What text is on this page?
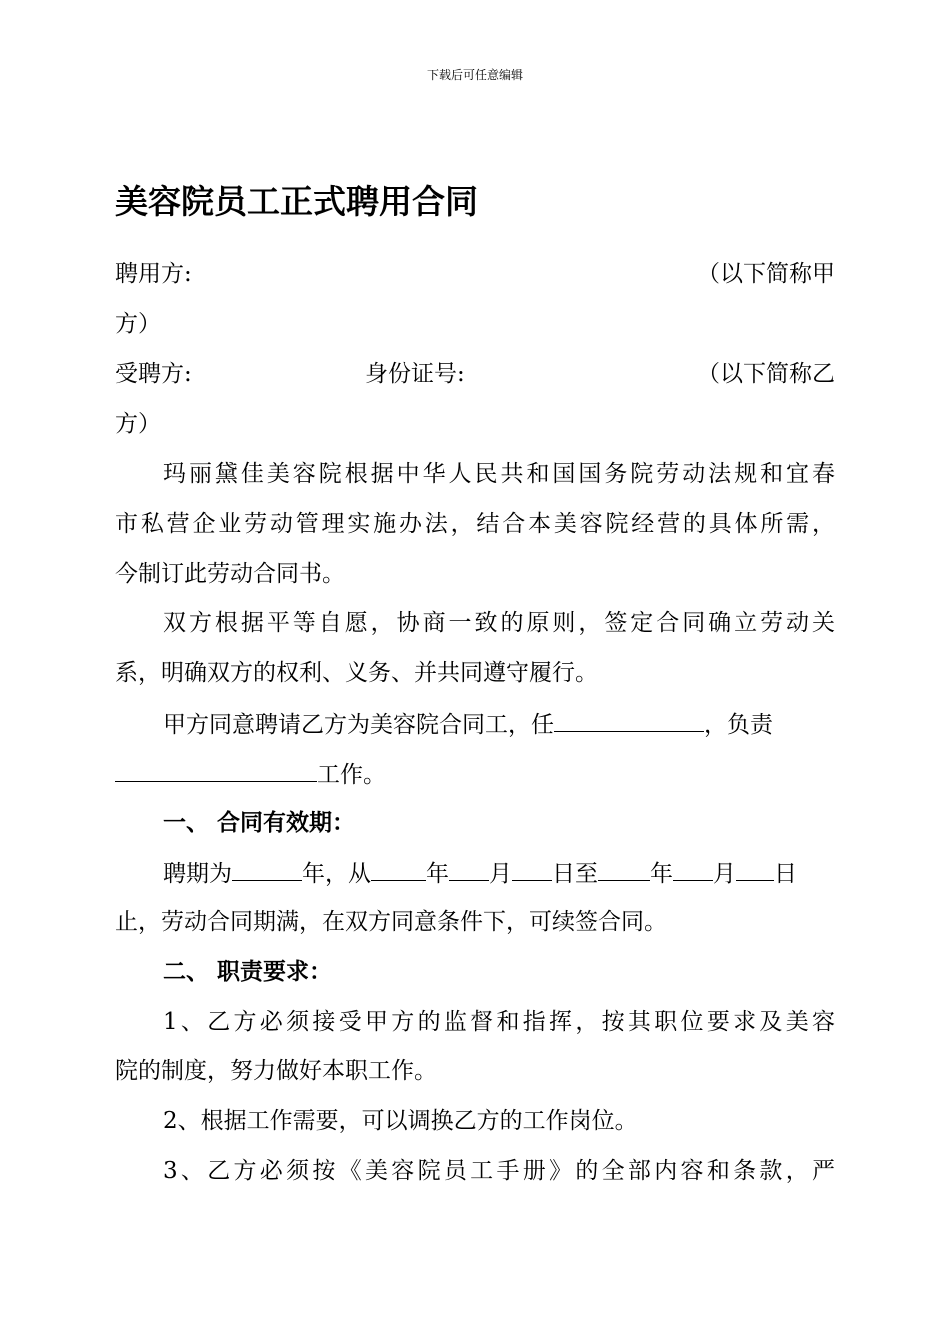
下载后可任意编辑
美容院员工正式聘用合同
聘用方:	（以下简称甲
方）
受聘方:	身份证号:	（以下简称乙
方）
玛丽黛佳美容院根据中华人民共和国国务院劳动法规和宜春
市私营企业劳动管理实施办法，结合本美容院经营的具体所需，
今制订此劳动合同书。
双方根据平等自愿，协商一致的原则，签定合同确立劳动关
系，明确双方的权利、义务、并共同遵守履行。
甲方同意聘请乙方为美容院合同工，任	，负责
工作。
一、 合同有效期：
聘期为	年，从 年 月 日至 年 月 日
止，劳动合同期满，在双方同意条件下，可续签合同。
二、 职责要求：
1、乙方必须接受甲方的监督和指挥，按其职位要求及美容
院的制度，努力做好本职工作。
2、根据工作需要，可以调换乙方的工作岗位。
3、乙方必须按《美容院员工手册》的全部内容和条款，严
